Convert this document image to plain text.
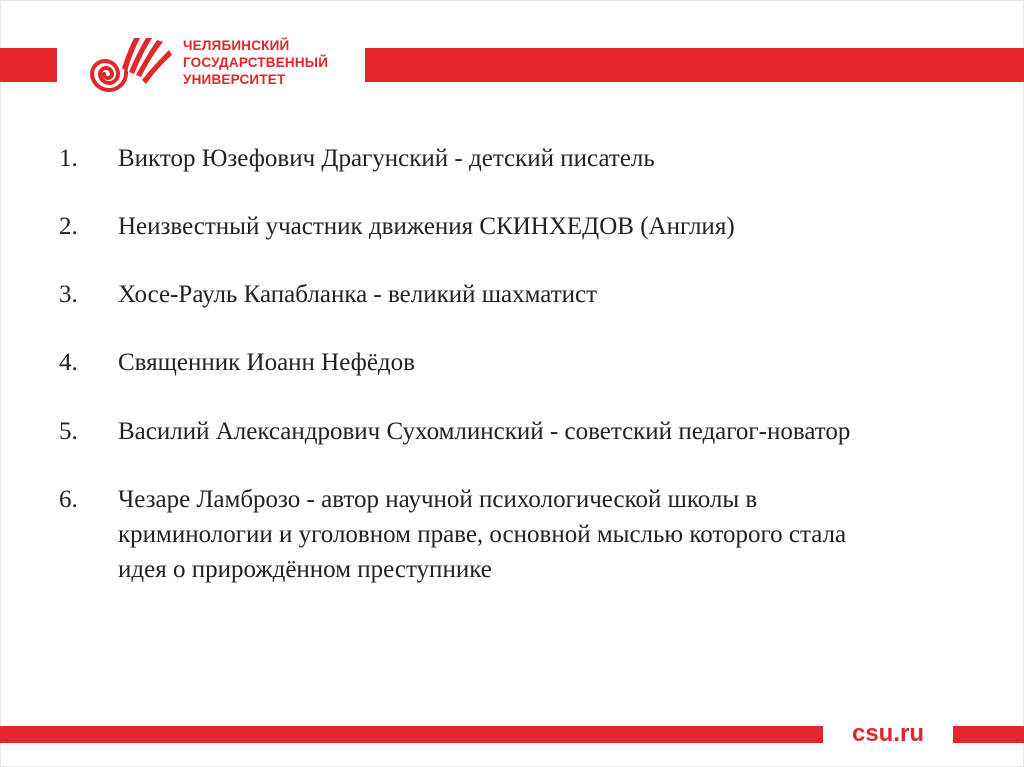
ЧЕЛЯБИНСКИЙ
ГОСУДАРСТВЕННЫЙ
УНИВЕРСИТЕТ
1.	Виктор Юзефович Драгунский - детский писатель
2.	Неизвестный участник движения СКИНХЕДОВ (Англия)
3.	Хосе-Рауль Капабланка - великий шахматист
4.	Священник Иоанн Нефёдов
5.	Василий Александрович Сухомлинский - советский педагог-новатор
6.	Чезаре Ламброзо - автор научной психологической школы в
криминологии и уголовном праве, основной мыслью которого стала
идея о прирождённом преступнике
csu.ru
